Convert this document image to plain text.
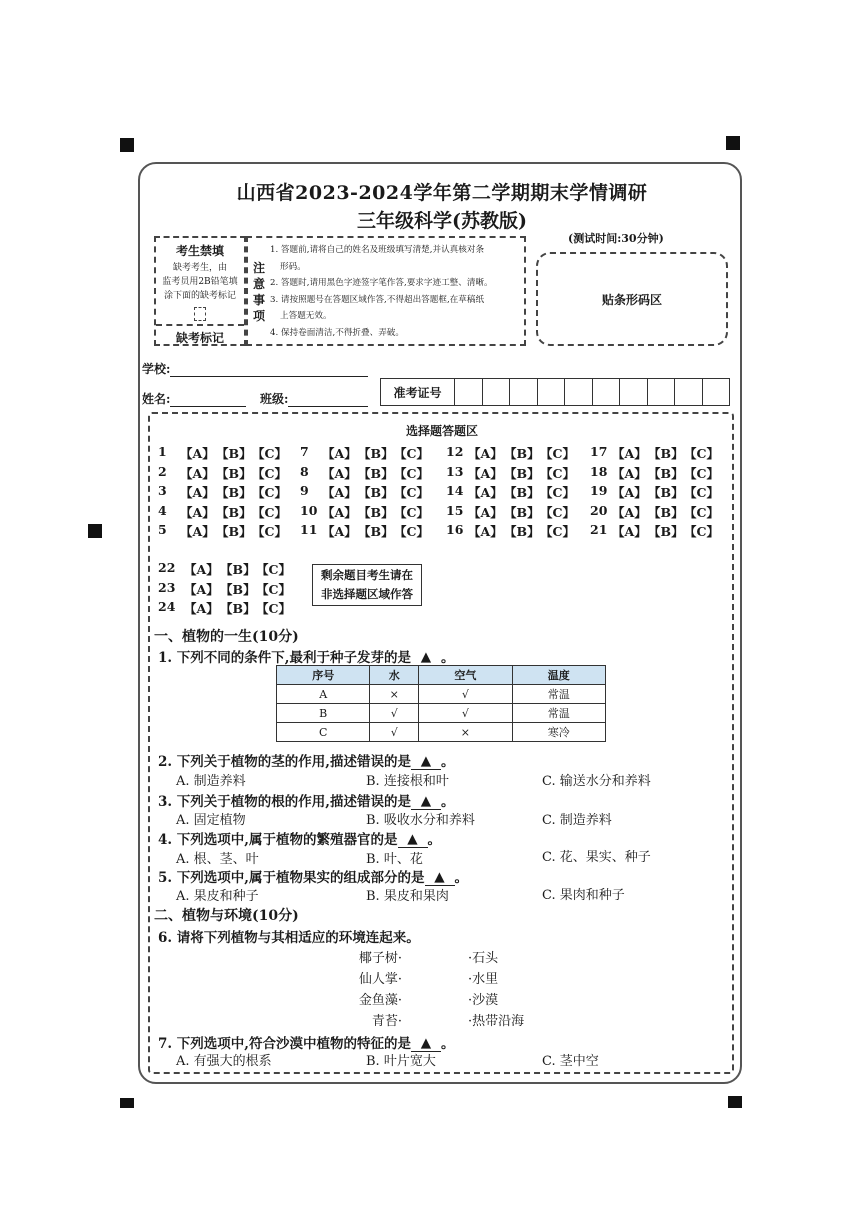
山西省2023-2024学年第二学期期末学情调研
三年级科学(苏教版)
考生禁填
缺考考生，由
监考员用2B铅笔填
涂下面的缺考标记
缺考标记
注
意
事
项
1. 答题前,请将自己的姓名及班级填写清楚,并认真核对条
形码。
2. 答题时,请用黑色字迹签字笔作答,要求字迹工整、清晰。
3. 请按照题号在答题区域作答,不得超出答题框,在草稿纸
上答题无效。
4. 保持卷面清洁,不得折叠、弄破。
(测试时间:30分钟)
贴条形码区
学校:
姓名:	班级:	准考证号
选择题答题区
1 【A】 【B】 【C】
2 【A】 【B】 【C】
3 【A】 【B】 【C】
4 【A】 【B】 【C】
5 【A】 【B】 【C】
7 【A】 【B】 【C】
8 【A】 【B】 【C】
9 【A】 【B】 【C】
10 【A】 【B】 【C】
11 【A】 【B】 【C】
12 【A】 【B】 【C】
13 【A】 【B】 【C】
14 【A】 【B】 【C】
15 【A】 【B】 【C】
16 【A】 【B】 【C】
17 【A】 【B】 【C】
18 【A】 【B】 【C】
19 【A】 【B】 【C】
20 【A】 【B】 【C】
21 【A】 【B】 【C】
22 【A】 【B】 【C】
23 【A】 【B】 【C】
24 【A】 【B】 【C】
剩余题目考生请在
非选择题区域作答
一、植物的一生(10分)
1. 下列不同的条件下,最利于种子发芽的是 ▲ 。
序号	水	空气	温度
A	×	√	常温
B	√	√	常温
C	√	×	寒冷
2. 下列关于植物的茎的作用,描述错误的是 ▲ 。
A. 制造养料	B. 连接根和叶	C. 输送水分和养料
3. 下列关于植物的根的作用,描述错误的是 ▲ 。
A. 固定植物	B. 吸收水分和养料	C. 制造养料
4. 下列选项中,属于植物的繁殖器官的是 ▲ 。
A. 根、茎、叶	B. 叶、花	C. 花、果实、种子
5. 下列选项中,属于植物果实的组成部分的是 ▲ 。
A. 果皮和种子	B. 果皮和果肉	C. 果肉和种子
二、植物与环境(10分)
6. 请将下列植物与其相适应的环境连起来。
椰子树·
仙人掌·
金鱼藻·
青苔·
·石头
·水里
·沙漠
·热带沿海
7. 下列选项中,符合沙漠中植物的特征的是 ▲ 。
A. 有强大的根系	B. 叶片宽大	C. 茎中空
